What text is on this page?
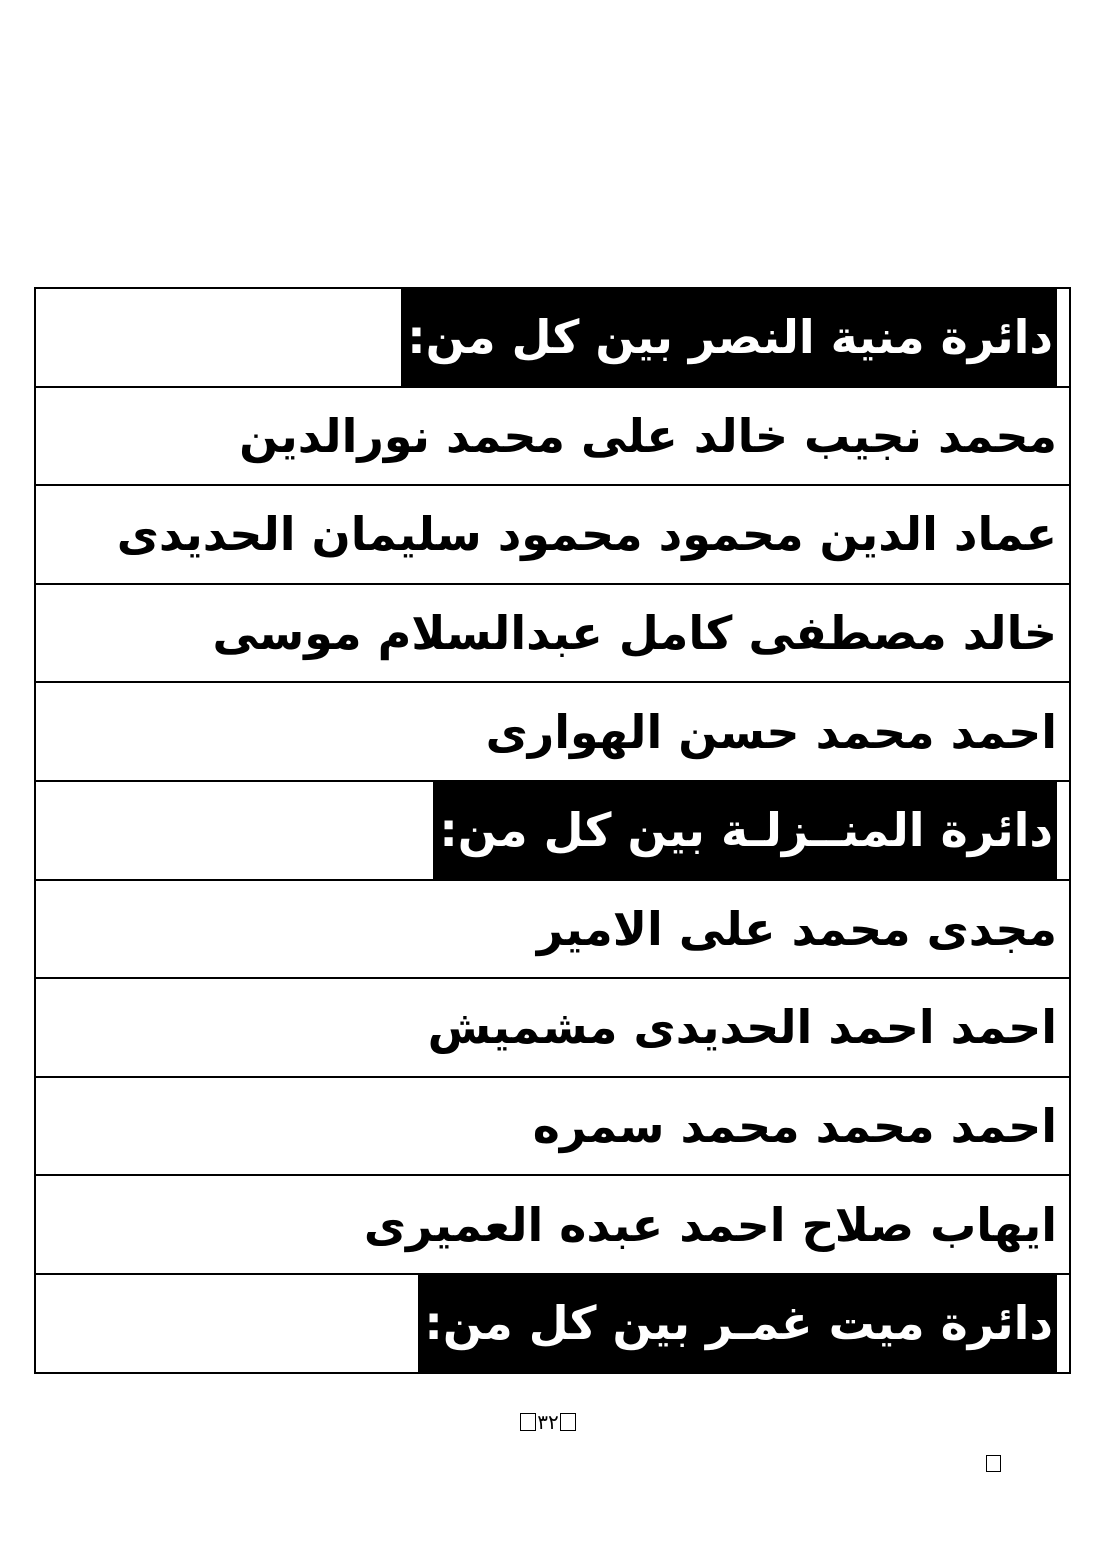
دائرة منية النصر بين كل من:
محمد نجيب خالد على محمد نورالدين
عماد الدين محمود محمود سليمان الحديدى
خالد مصطفى كامل عبدالسلام موسى
احمد محمد حسن الهوارى
دائرة المنــزلـة بين كل من:
مجدى محمد على الامير
احمد احمد الحديدى مشميش
احمد محمد محمد سمره
ايهاب صلاح احمد عبده العميرى
دائرة ميت غمـر بين كل من:
٣٢
